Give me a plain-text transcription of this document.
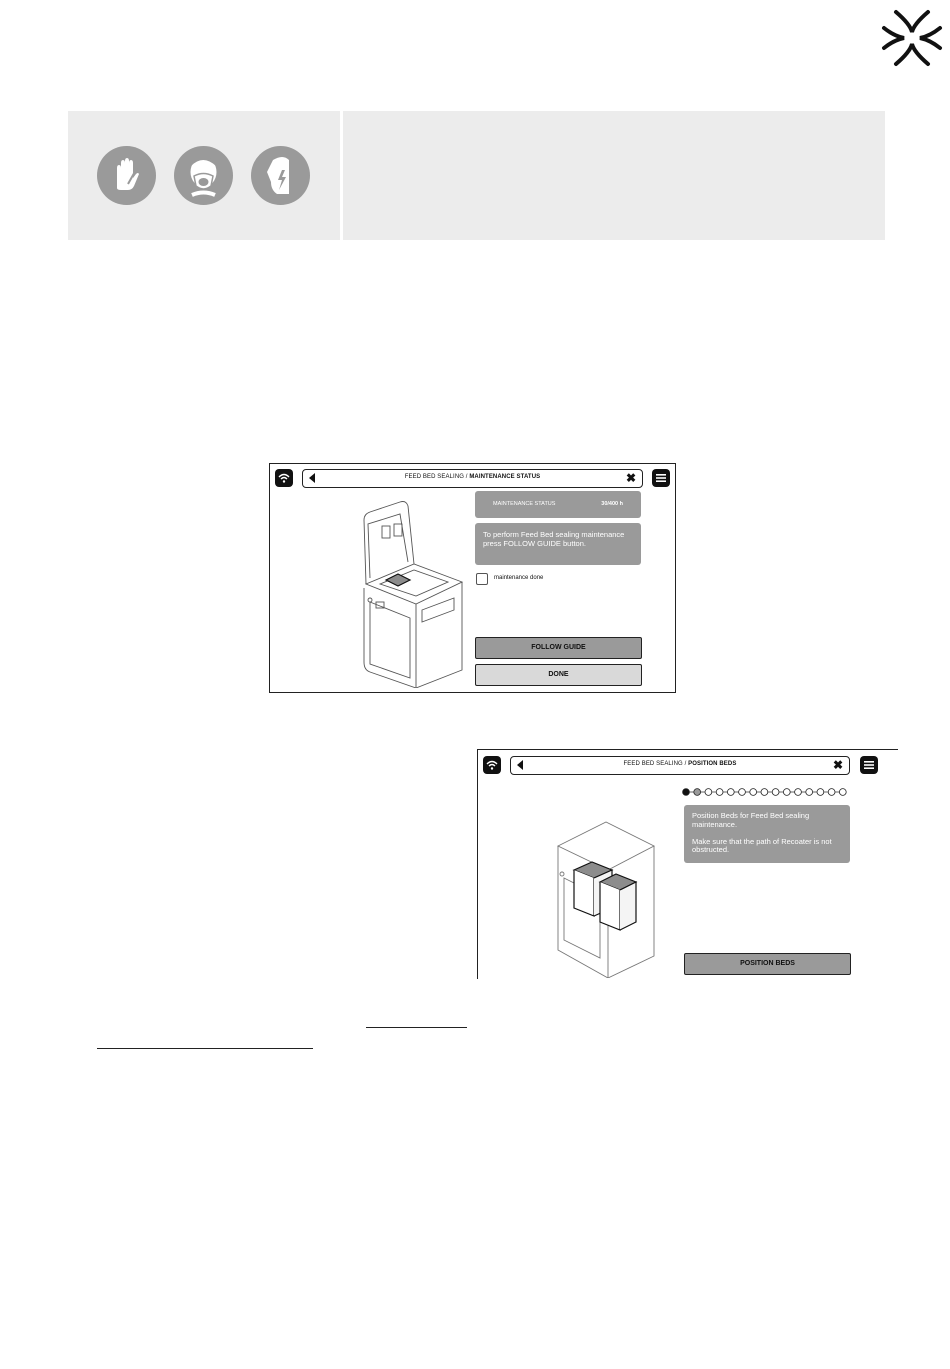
FEED BED SEALING / MAINTENANCE STATUS	✖
MAINTENANCE STATUS	30/400 h
To perform Feed Bed sealing maintenance press FOLLOW GUIDE button.
maintenance done
FOLLOW GUIDE
DONE
FEED BED SEALING / POSITION BEDS	✖
Position Beds for Feed Bed sealing maintenance.

Make sure that the path of Recoater is not obstructed.
POSITION BEDS
